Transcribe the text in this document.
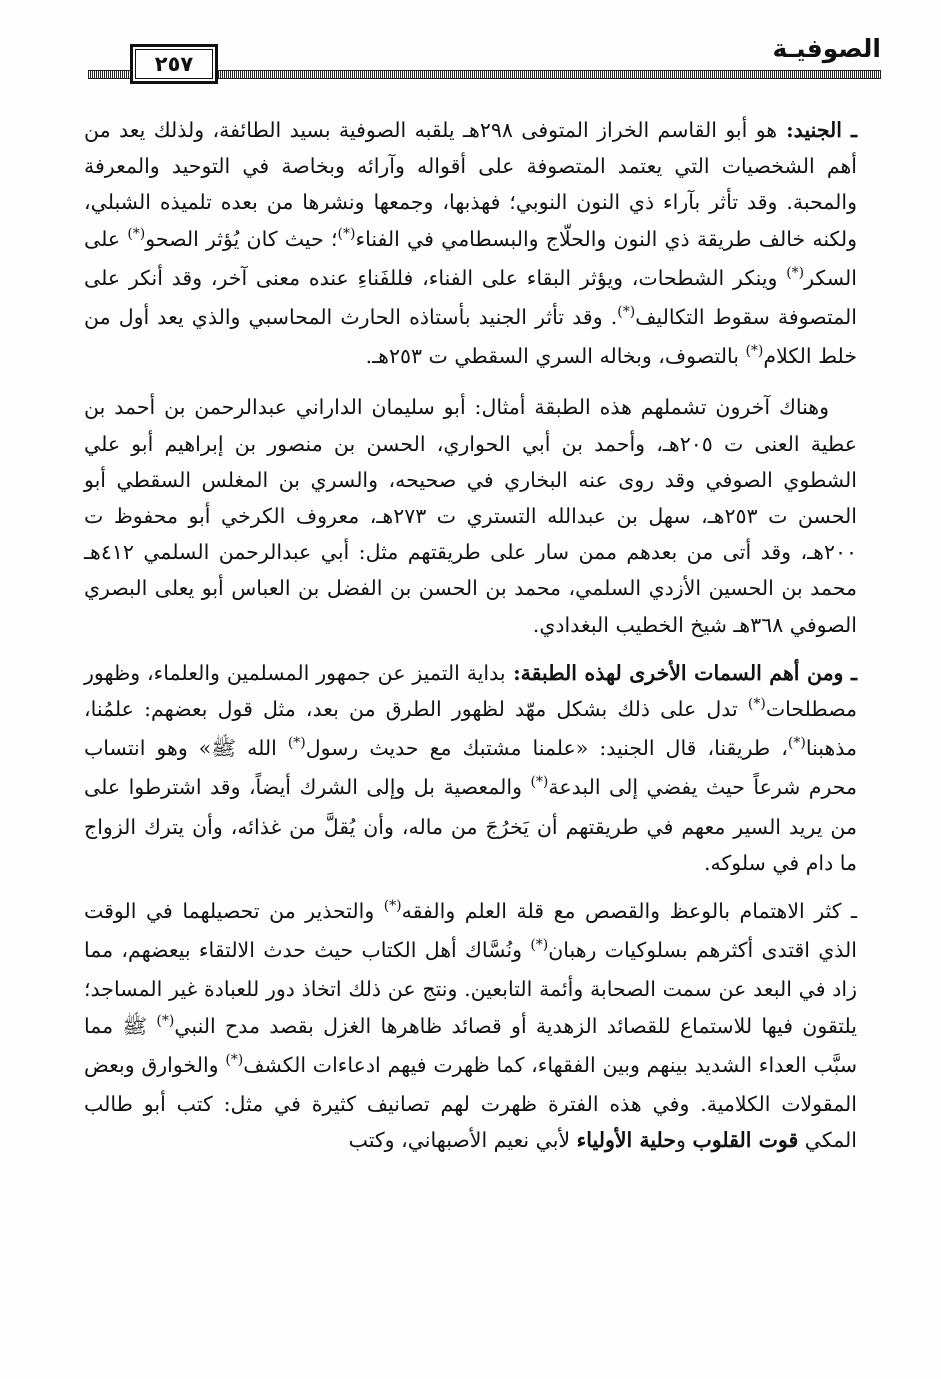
٢٥٧
الصوفيـة

ـ الجنيد: هو أبو القاسم الخراز المتوفى ٢٩٨هـ يلقبه الصوفية بسيد الطائفة، ولذلك يعد من أهم الشخصيات التي يعتمد المتصوفة على أقواله وآرائه وبخاصة في التوحيد والمعرفة والمحبة. وقد تأثر بآراء ذي النون النوبي؛ فهذبها، وجمعها ونشرها من بعده تلميذه الشبلي، ولكنه خالف طريقة ذي النون والحلّاج والبسطامي في الفناء(*)؛ حيث كان يُؤثر الصحو(*) على السكر(*) وينكر الشطحات، ويؤثر البقاء على الفناء، فللفَناءِ عنده معنى آخر، وقد أنكر على المتصوفة سقوط التكاليف(*). وقد تأثر الجنيد بأستاذه الحارث المحاسبي والذي يعد أول من خلط الكلام(*) بالتصوف، وبخاله السري السقطي ت ٢٥٣هـ.

وهناك آخرون تشملهم هذه الطبقة أمثال: أبو سليمان الداراني عبدالرحمن بن أحمد بن عطية العنى ت ٢٠٥هـ، وأحمد بن أبي الحواري، الحسن بن منصور بن إبراهيم أبو علي الشطوي الصوفي وقد روى عنه البخاري في صحيحه، والسري بن المغلس السقطي أبو الحسن ت ٢٥٣هـ، سهل بن عبدالله التستري ت ٢٧٣هـ، معروف الكرخي أبو محفوظ ت ٢٠٠هـ، وقد أتى من بعدهم ممن سار على طريقتهم مثل: أبي عبدالرحمن السلمي ٤١٢هـ محمد بن الحسين الأزدي السلمي، محمد بن الحسن بن الفضل بن العباس أبو يعلى البصري الصوفي ٣٦٨هـ شيخ الخطيب البغدادي.

ـ ومن أهم السمات الأخرى لهذه الطبقة: بداية التميز عن جمهور المسلمين والعلماء، وظهور مصطلحات(*) تدل على ذلك بشكل مهّد لظهور الطرق من بعد، مثل قول بعضهم: علمُنا، مذهبنا(*)، طريقنا، قال الجنيد: «علمنا مشتبك مع حديث رسول(*) الله ﷺ» وهو انتساب محرم شرعاً حيث يفضي إلى البدعة(*) والمعصية بل وإلى الشرك أيضاً، وقد اشترطوا على من يريد السير معهم في طريقتهم أن يَخرُجَ من ماله، وأن يُقلَّ من غذائه، وأن يترك الزواج ما دام في سلوكه.

ـ كثر الاهتمام بالوعظ والقصص مع قلة العلم والفقه(*) والتحذير من تحصيلهما في الوقت الذي اقتدى أكثرهم بسلوكيات رهبان(*) ونُسَّاك أهل الكتاب حيث حدث الالتقاء بيعضهم، مما زاد في البعد عن سمت الصحابة وأئمة التابعين. ونتج عن ذلك اتخاذ دور للعبادة غير المساجد؛ يلتقون فيها للاستماع للقصائد الزهدية أو قصائد ظاهرها الغزل بقصد مدح النبي(*) ﷺ مما سبَّب العداء الشديد بينهم وبين الفقهاء، كما ظهرت فيهم ادعاءات الكشف(*) والخوارق وبعض المقولات الكلامية. وفي هذه الفترة ظهرت لهم تصانيف كثيرة في مثل: كتب أبو طالب المكي قوت القلوب وحلية الأولياء لأبي نعيم الأصبهاني، وكتب
